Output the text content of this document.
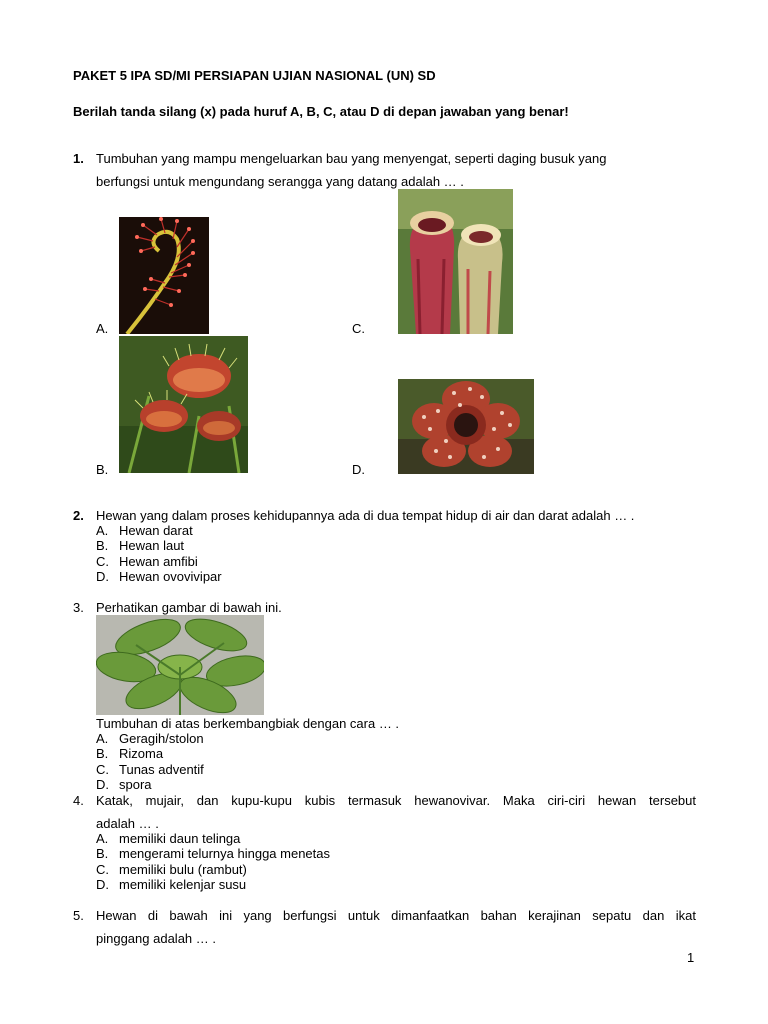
PAKET 5 IPA SD/MI PERSIAPAN UJIAN NASIONAL (UN) SD
Berilah tanda silang (x) pada huruf A, B, C, atau D di depan jawaban yang benar!
1. Tumbuhan yang mampu mengeluarkan bau yang menyengat, seperti daging busuk yang
berfungsi untuk mengundang serangga yang datang adalah … .
A.
B.
C.
D.
2. Hewan yang dalam proses kehidupannya ada di dua tempat hidup di air dan darat adalah … .
A. Hewan darat
B. Hewan laut
C. Hewan amfibi
D. Hewan ovovivipar
3. Perhatikan gambar di bawah ini.
Tumbuhan di atas berkembangbiak dengan cara … .
A. Geragih/stolon
B. Rizoma
C. Tunas adventif
D. spora
4. Katak, mujair, dan kupu-kupu kubis termasuk hewanovivar. Maka ciri-ciri hewan tersebut
adalah … .
A. memiliki daun telinga
B. mengerami telurnya hingga menetas
C. memiliki bulu (rambut)
D. memiliki kelenjar susu
5. Hewan di bawah ini yang berfungsi untuk dimanfaatkan bahan kerajinan sepatu dan ikat
pinggang adalah … .
1
